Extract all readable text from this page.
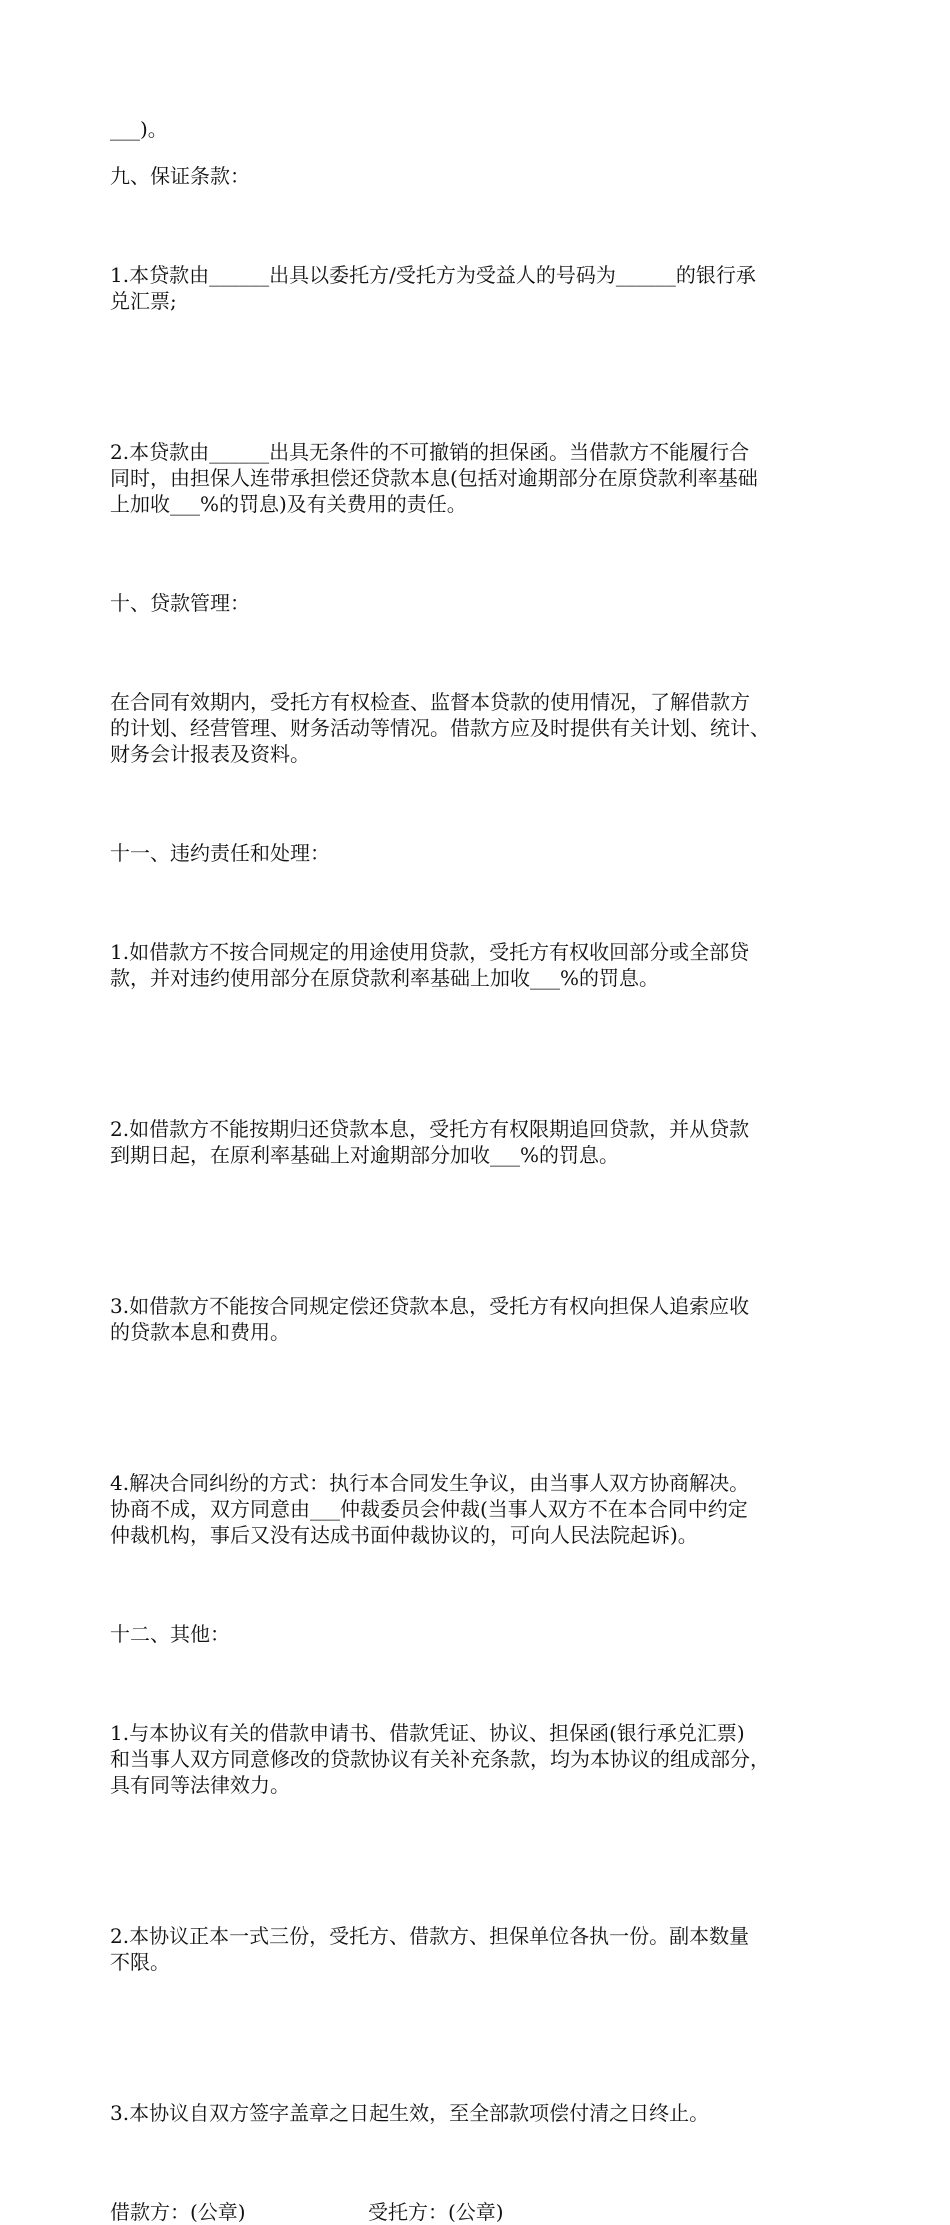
___)。

九、保证条款：

1.本贷款由______出具以委托方/受托方为受益人的号码为______的银行承
兑汇票;

2.本贷款由______出具无条件的不可撤销的担保函。当借款方不能履行合
同时，由担保人连带承担偿还贷款本息(包括对逾期部分在原贷款利率基础
上加收___%的罚息)及有关费用的责任。

十、贷款管理：

在合同有效期内，受托方有权检查、监督本贷款的使用情况，了解借款方
的计划、经营管理、财务活动等情况。借款方应及时提供有关计划、统计、
财务会计报表及资料。

十一、违约责任和处理：

1.如借款方不按合同规定的用途使用贷款，受托方有权收回部分或全部贷
款，并对违约使用部分在原贷款利率基础上加收___%的罚息。

2.如借款方不能按期归还贷款本息，受托方有权限期追回贷款，并从贷款
到期日起，在原利率基础上对逾期部分加收___%的罚息。

3.如借款方不能按合同规定偿还贷款本息，受托方有权向担保人追索应收
的贷款本息和费用。

4.解决合同纠纷的方式：执行本合同发生争议，由当事人双方协商解决。
协商不成，双方同意由___仲裁委员会仲裁(当事人双方不在本合同中约定
仲裁机构，事后又没有达成书面仲裁协议的，可向人民法院起诉)。

十二、其他：

1.与本协议有关的借款申请书、借款凭证、协议、担保函(银行承兑汇票)
和当事人双方同意修改的贷款协议有关补充条款，均为本协议的组成部分，
具有同等法律效力。

2.本协议正本一式三份，受托方、借款方、担保单位各执一份。副本数量
不限。

3.本协议自双方签字盖章之日起生效，至全部款项偿付清之日终止。

借款方：(公章)	受托方：(公章)
